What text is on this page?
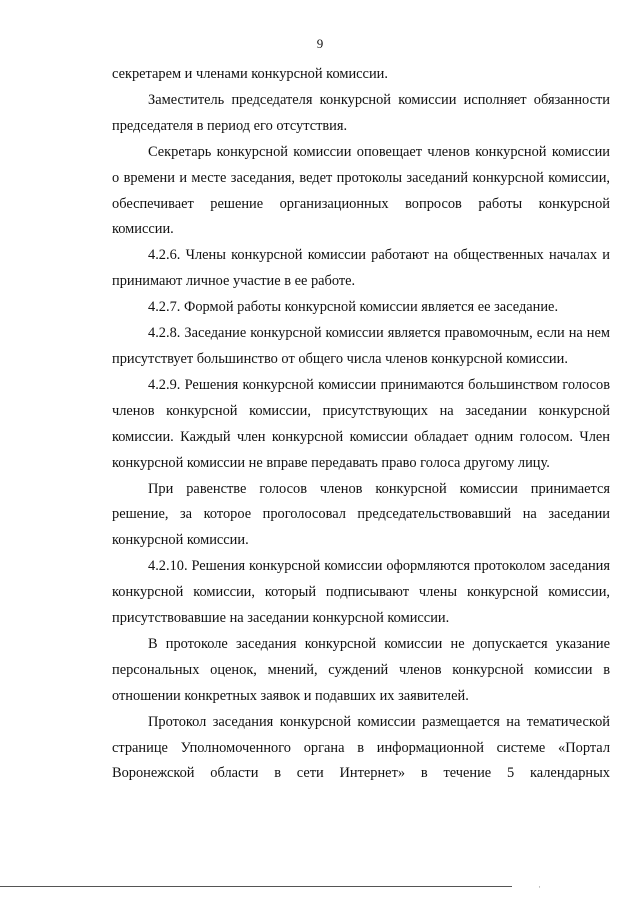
9

секретарем и членами конкурсной комиссии.

Заместитель председателя конкурсной комиссии исполняет обязанности председателя в период его отсутствия.

Секретарь конкурсной комиссии оповещает членов конкурсной комиссии о времени и месте заседания, ведет протоколы заседаний конкурсной комиссии, обеспечивает решение организационных вопросов работы конкурсной комиссии.

4.2.6. Члены конкурсной комиссии работают на общественных началах и принимают личное участие в ее работе.

4.2.7. Формой работы конкурсной комиссии является ее заседание.

4.2.8. Заседание конкурсной комиссии является правомочным, если на нем присутствует большинство от общего числа членов конкурсной комиссии.

4.2.9. Решения конкурсной комиссии принимаются большинством голосов членов конкурсной комиссии, присутствующих на заседании конкурсной комиссии. Каждый член конкурсной комиссии обладает одним голосом. Член конкурсной комиссии не вправе передавать право голоса другому лицу.

При равенстве голосов членов конкурсной комиссии принимается решение, за которое проголосовал председательствовавший на заседании конкурсной комиссии.

4.2.10. Решения конкурсной комиссии оформляются протоколом заседания конкурсной комиссии, который подписывают члены конкурсной комиссии, присутствовавшие на заседании конкурсной комиссии.

В протоколе заседания конкурсной комиссии не допускается указание персональных оценок, мнений, суждений членов конкурсной комиссии в отношении конкретных заявок и подавших их заявителей.

Протокол заседания конкурсной комиссии размещается на тематической странице Уполномоченного органа в информационной системе «Портал Воронежской области в сети Интернет» в течение 5 календарных

·
